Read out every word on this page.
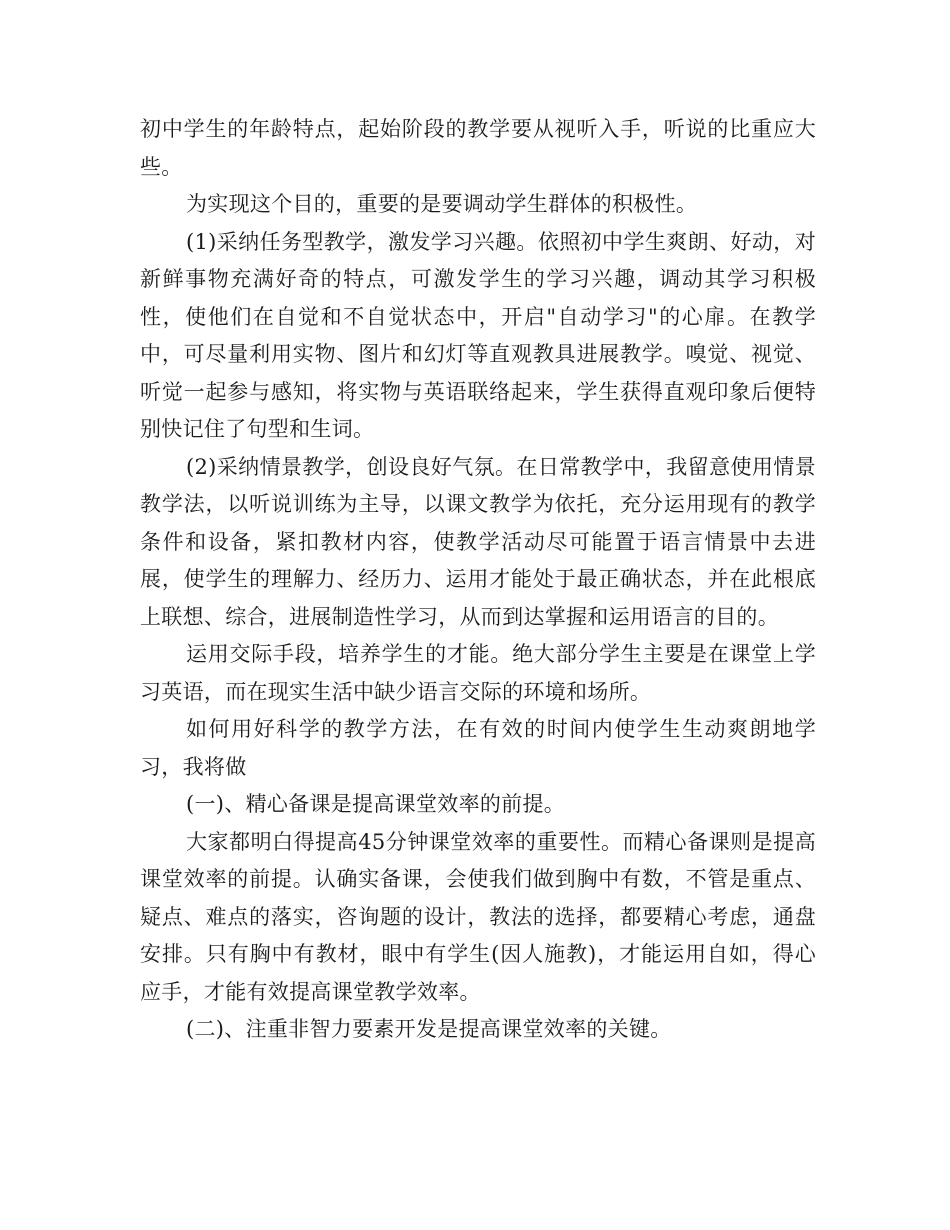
初中学生的年龄特点，起始阶段的教学要从视听入手，听说的比重应大些。

为实现这个目的，重要的是要调动学生群体的积极性。

(1)采纳任务型教学，激发学习兴趣。依照初中学生爽朗、好动，对新鲜事物充满好奇的特点，可激发学生的学习兴趣，调动其学习积极性，使他们在自觉和不自觉状态中，开启"自动学习"的心扉。在教学中，可尽量利用实物、图片和幻灯等直观教具进展教学。嗅觉、视觉、听觉一起参与感知，将实物与英语联络起来，学生获得直观印象后便特别快记住了句型和生词。

(2)采纳情景教学，创设良好气氛。在日常教学中，我留意使用情景教学法，以听说训练为主导，以课文教学为依托，充分运用现有的教学条件和设备，紧扣教材内容，使教学活动尽可能置于语言情景中去进展，使学生的理解力、经历力、运用才能处于最正确状态，并在此根底上联想、综合，进展制造性学习，从而到达掌握和运用语言的目的。

运用交际手段，培养学生的才能。绝大部分学生主要是在课堂上学习英语，而在现实生活中缺少语言交际的环境和场所。

如何用好科学的教学方法，在有效的时间内使学生生动爽朗地学习，我将做

(一)、精心备课是提高课堂效率的前提。

大家都明白得提高45分钟课堂效率的重要性。而精心备课则是提高课堂效率的前提。认确实备课，会使我们做到胸中有数，不管是重点、疑点、难点的落实，咨询题的设计，教法的选择，都要精心考虑，通盘安排。只有胸中有教材，眼中有学生(因人施教)，才能运用自如，得心应手，才能有效提高课堂教学效率。

(二)、注重非智力要素开发是提高课堂效率的关键。
